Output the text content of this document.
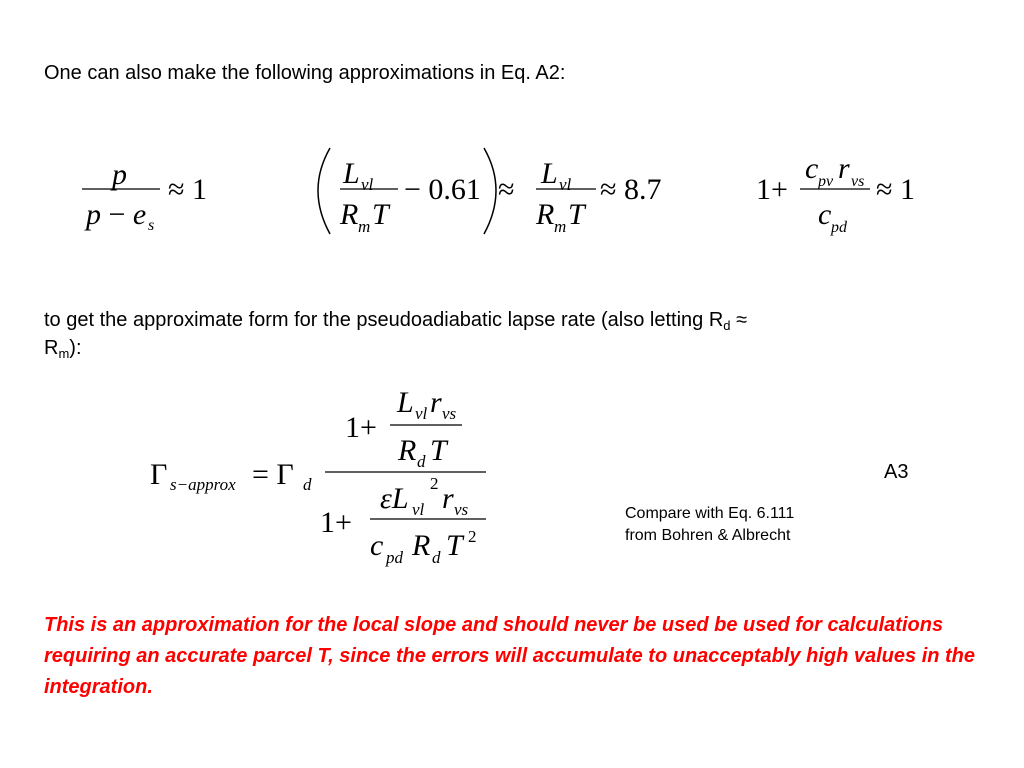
One can also make the following approximations in Eq. A2:

p
p − e s
≈ 1	L vl
R m T
− 0.61 ≈ L vl
R m T
≈ 8.7	1+
c pv r vs
c pd
≈ 1

to get the approximate form for the pseudoadiabatic lapse rate (also letting $R_d$ ≈
$R_m$):

Γ s−approx = Γ d
1+
L vl r vs
R d T
1+
εL vl
2 r vs
c pd R d T 2

A3

Compare with Eq. 6.111 from Bohren & Albrecht

This is an approximation for the local slope and should never be used be used for calculations requiring an accurate parcel T, since the errors will accumulate to unacceptably high values in the integration.
